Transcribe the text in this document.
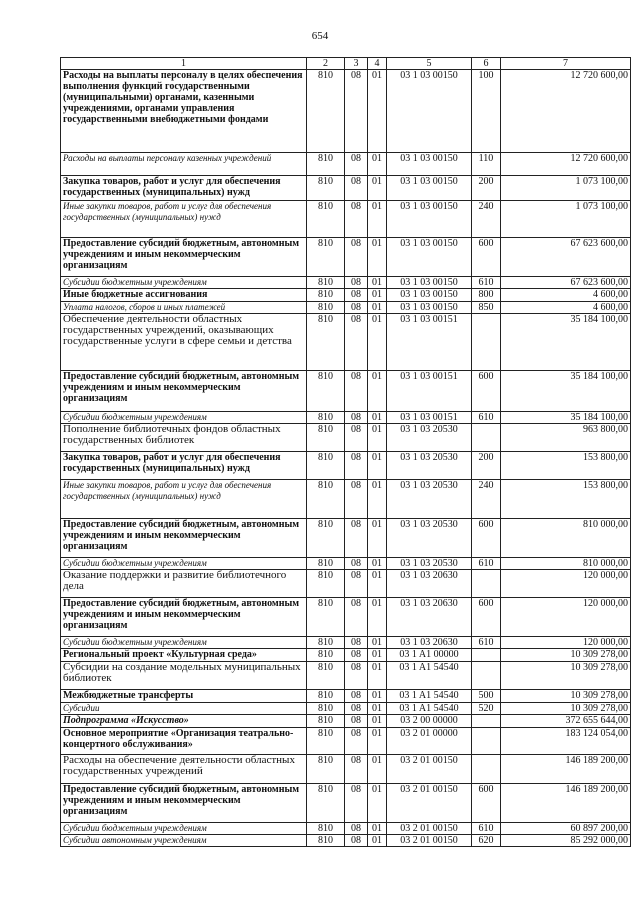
654
1	2	3	4	5	6	7
Расходы на выплаты персоналу в целях обеспечения выполнения функций государственными (муниципальными) органами, казенными учреждениями, органами управления государственными внебюджетными фондами	810	08	01	03 1 03 00150	100	12 720 600,00
Расходы на выплаты персоналу казенных учреждений	810	08	01	03 1 03 00150	110	12 720 600,00
Закупка товаров, работ и услуг для обеспечения государственных (муниципальных) нужд	810	08	01	03 1 03 00150	200	1 073 100,00
Иные закупки товаров, работ и услуг для обеспечения государственных (муниципальных) нужд	810	08	01	03 1 03 00150	240	1 073 100,00
Предоставление субсидий бюджетным, автономным учреждениям и иным некоммерческим организациям	810	08	01	03 1 03 00150	600	67 623 600,00
Субсидии бюджетным учреждениям	810	08	01	03 1 03 00150	610	67 623 600,00
Иные бюджетные ассигнования	810	08	01	03 1 03 00150	800	4 600,00
Уплата налогов, сборов и иных платежей	810	08	01	03 1 03 00150	850	4 600,00
Обеспечение деятельности областных государственных учреждений, оказывающих государственные услуги в сфере семьи и детства	810	08	01	03 1 03 00151		35 184 100,00
Предоставление субсидий бюджетным, автономным учреждениям и иным некоммерческим организациям	810	08	01	03 1 03 00151	600	35 184 100,00
Субсидии бюджетным учреждениям	810	08	01	03 1 03 00151	610	35 184 100,00
Пополнение библиотечных фондов областных государственных библиотек	810	08	01	03 1 03 20530		963 800,00
Закупка товаров, работ и услуг для обеспечения государственных (муниципальных) нужд	810	08	01	03 1 03 20530	200	153 800,00
Иные закупки товаров, работ и услуг для обеспечения государственных (муниципальных) нужд	810	08	01	03 1 03 20530	240	153 800,00
Предоставление субсидий бюджетным, автономным учреждениям и иным некоммерческим организациям	810	08	01	03 1 03 20530	600	810 000,00
Субсидии бюджетным учреждениям	810	08	01	03 1 03 20530	610	810 000,00
Оказание поддержки и развитие библиотечного дела	810	08	01	03 1 03 20630		120 000,00
Предоставление субсидий бюджетным, автономным учреждениям и иным некоммерческим организациям	810	08	01	03 1 03 20630	600	120 000,00
Субсидии бюджетным учреждениям	810	08	01	03 1 03 20630	610	120 000,00
Региональный проект «Культурная среда»	810	08	01	03 1 A1 00000		10 309 278,00
Субсидии на создание модельных муниципальных библиотек	810	08	01	03 1 A1 54540		10 309 278,00
Межбюджетные трансферты	810	08	01	03 1 A1 54540	500	10 309 278,00
Субсидии	810	08	01	03 1 A1 54540	520	10 309 278,00
Подпрограмма «Искусство»	810	08	01	03 2 00 00000		372 655 644,00
Основное мероприятие «Организация театрально-концертного обслуживания»	810	08	01	03 2 01 00000		183 124 054,00
Расходы на обеспечение деятельности областных государственных учреждений	810	08	01	03 2 01 00150		146 189 200,00
Предоставление субсидий бюджетным, автономным учреждениям и иным некоммерческим организациям	810	08	01	03 2 01 00150	600	146 189 200,00
Субсидии бюджетным учреждениям	810	08	01	03 2 01 00150	610	60 897 200,00
Субсидии автономным учреждениям	810	08	01	03 2 01 00150	620	85 292 000,00
